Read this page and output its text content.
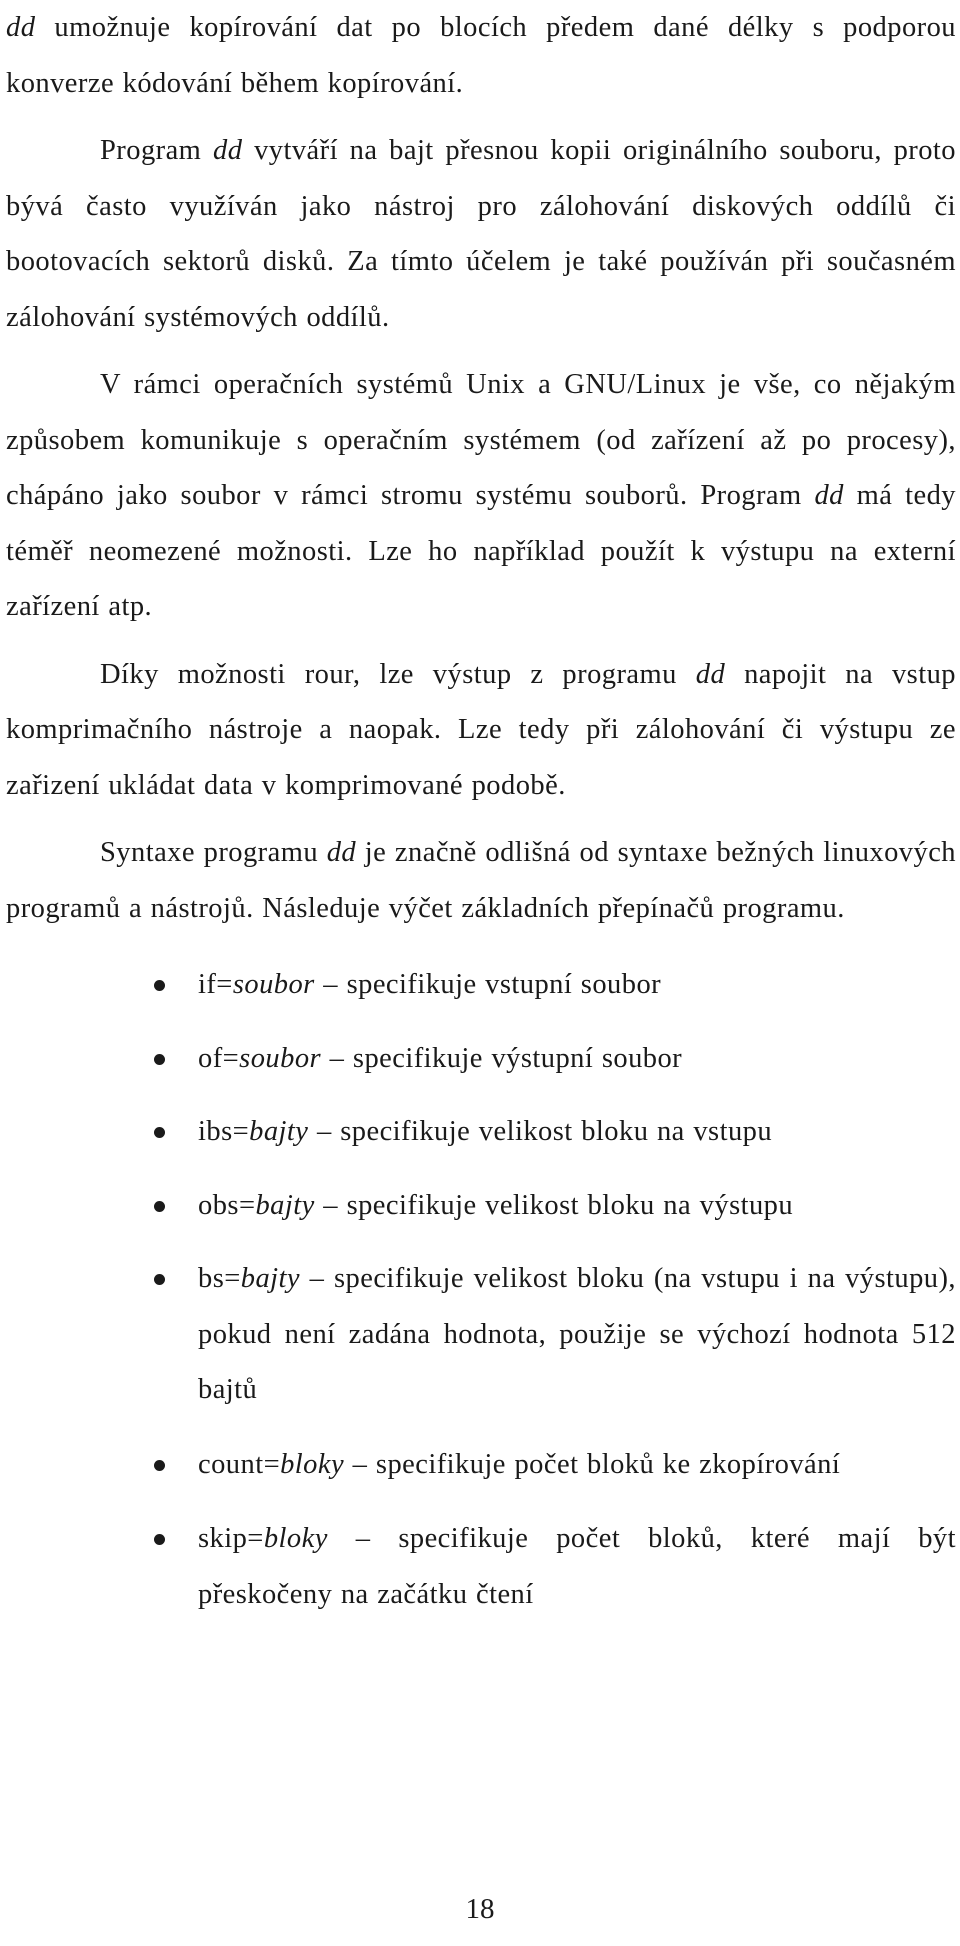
dd umožnuje kopírování dat po blocích předem dané délky s podporou konverze kódování během kopírování.

Program dd vytváří na bajt přesnou kopii originálního souboru, proto bývá často využíván jako nástroj pro zálohování diskových oddílů či bootovacích sektorů disků. Za tímto účelem je také používán při současném zálohování systémových oddílů.

V rámci operačních systémů Unix a GNU/Linux je vše, co nějakým způsobem komunikuje s operačním systémem (od zařízení až po procesy), chápáno jako soubor v rámci stromu systému souborů. Program dd má tedy téměř neomezené možnosti. Lze ho například použít k výstupu na externí zařízení atp.

Díky možnosti rour, lze výstup z programu dd napojit na vstup komprimačního nástroje a naopak. Lze tedy při zálohování či výstupu ze zařizení ukládat data v komprimované podobě.

Syntaxe programu dd je značně odlišná od syntaxe bežných linuxových programů a nástrojů. Následuje výčet základních přepínačů programu.

if=soubor – specifikuje vstupní soubor
of=soubor – specifikuje výstupní soubor
ibs=bajty – specifikuje velikost bloku na vstupu
obs=bajty – specifikuje velikost bloku na výstupu
bs=bajty – specifikuje velikost bloku (na vstupu i na výstupu), pokud není zadána hodnota, použije se výchozí hodnota 512 bajtů
count=bloky – specifikuje počet bloků ke zkopírování
skip=bloky – specifikuje počet bloků, které mají být přeskočeny na začátku čtení
18
